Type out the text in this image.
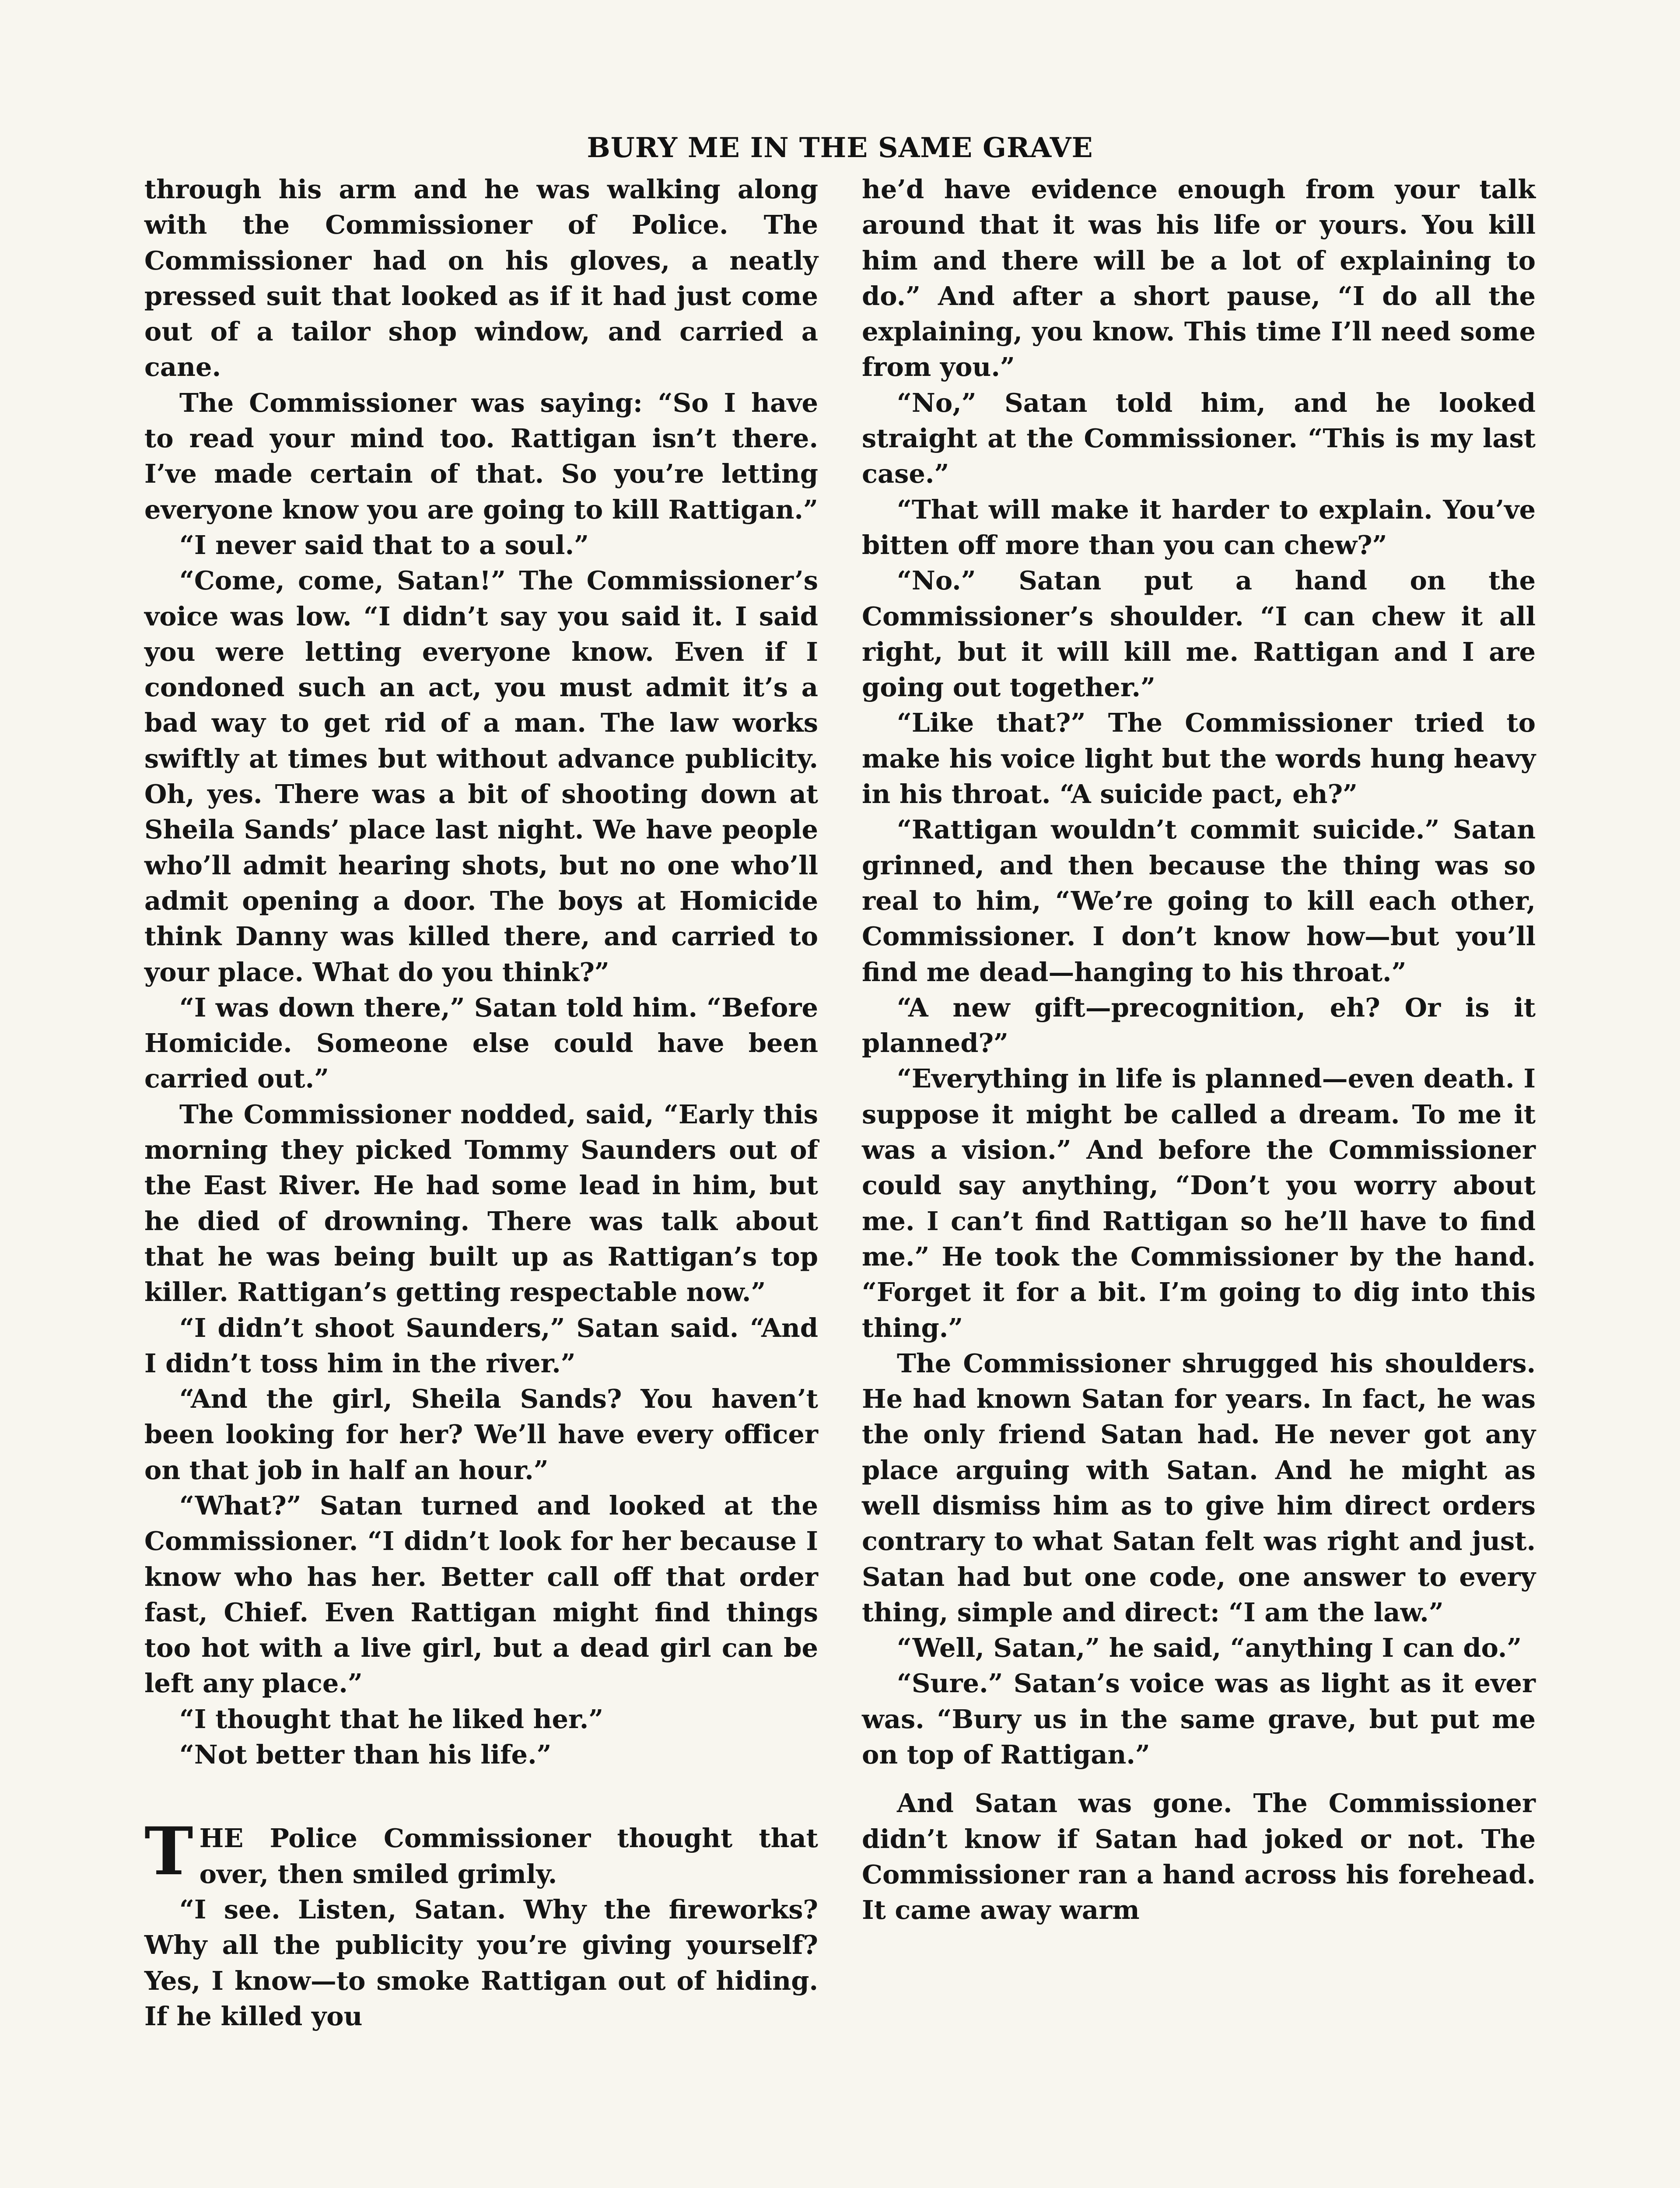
BURY ME IN THE SAME GRAVE

through his arm and he was walking along with the Commissioner of Police. The Commissioner had on his gloves, a neatly pressed suit that looked as if it had just come out of a tailor shop window, and carried a cane.

The Commissioner was saying: “So I have to read your mind too. Rattigan isn’t there. I’ve made certain of that. So you’re letting everyone know you are going to kill Rattigan.”

“I never said that to a soul.”

“Come, come, Satan!” The Commissioner’s voice was low. “I didn’t say you said it. I said you were letting everyone know. Even if I condoned such an act, you must admit it’s a bad way to get rid of a man. The law works swiftly at times but without advance publicity. Oh, yes. There was a bit of shooting down at Sheila Sands’ place last night. We have people who’ll admit hearing shots, but no one who’ll admit opening a door. The boys at Homicide think Danny was killed there, and carried to your place. What do you think?”

“I was down there,” Satan told him. “Before Homicide. Someone else could have been carried out.”

The Commissioner nodded, said, “Early this morning they picked Tommy Saunders out of the East River. He had some lead in him, but he died of drowning. There was talk about that he was being built up as Rattigan’s top killer. Rattigan’s getting respectable now.”

“I didn’t shoot Saunders,” Satan said. “And I didn’t toss him in the river.”

“And the girl, Sheila Sands? You haven’t been looking for her? We’ll have every officer on that job in half an hour.”

“What?” Satan turned and looked at the Commissioner. “I didn’t look for her because I know who has her. Better call off that order fast, Chief. Even Rattigan might find things too hot with a live girl, but a dead girl can be left any place.”

“I thought that he liked her.”

“Not better than his life.”

THE Police Commissioner thought that over, then smiled grimly.

“I see. Listen, Satan. Why the fireworks? Why all the publicity you’re giving yourself? Yes, I know—to smoke Rattigan out of hiding. If he killed you

he’d have evidence enough from your talk around that it was his life or yours. You kill him and there will be a lot of explaining to do.” And after a short pause, “I do all the explaining, you know. This time I’ll need some from you.”

“No,” Satan told him, and he looked straight at the Commissioner. “This is my last case.”

“That will make it harder to explain. You’ve bitten off more than you can chew?”

“No.” Satan put a hand on the Commissioner’s shoulder. “I can chew it all right, but it will kill me. Rattigan and I are going out together.”

“Like that?” The Commissioner tried to make his voice light but the words hung heavy in his throat. “A suicide pact, eh?”

“Rattigan wouldn’t commit suicide.” Satan grinned, and then because the thing was so real to him, “We’re going to kill each other, Commissioner. I don’t know how—but you’ll find me dead—hanging to his throat.”

“A new gift—precognition, eh? Or is it planned?”

“Everything in life is planned—even death. I suppose it might be called a dream. To me it was a vision.” And before the Commissioner could say anything, “Don’t you worry about me. I can’t find Rattigan so he’ll have to find me.” He took the Commissioner by the hand. “Forget it for a bit. I’m going to dig into this thing.”

The Commissioner shrugged his shoulders. He had known Satan for years. In fact, he was the only friend Satan had. He never got any place arguing with Satan. And he might as well dismiss him as to give him direct orders contrary to what Satan felt was right and just. Satan had but one code, one answer to every thing, simple and direct: “I am the law.”

“Well, Satan,” he said, “anything I can do.”

“Sure.” Satan’s voice was as light as it ever was. “Bury us in the same grave, but put me on top of Rattigan.”

And Satan was gone. The Commissioner didn’t know if Satan had joked or not. The Commissioner ran a hand across his forehead. It came away warm
